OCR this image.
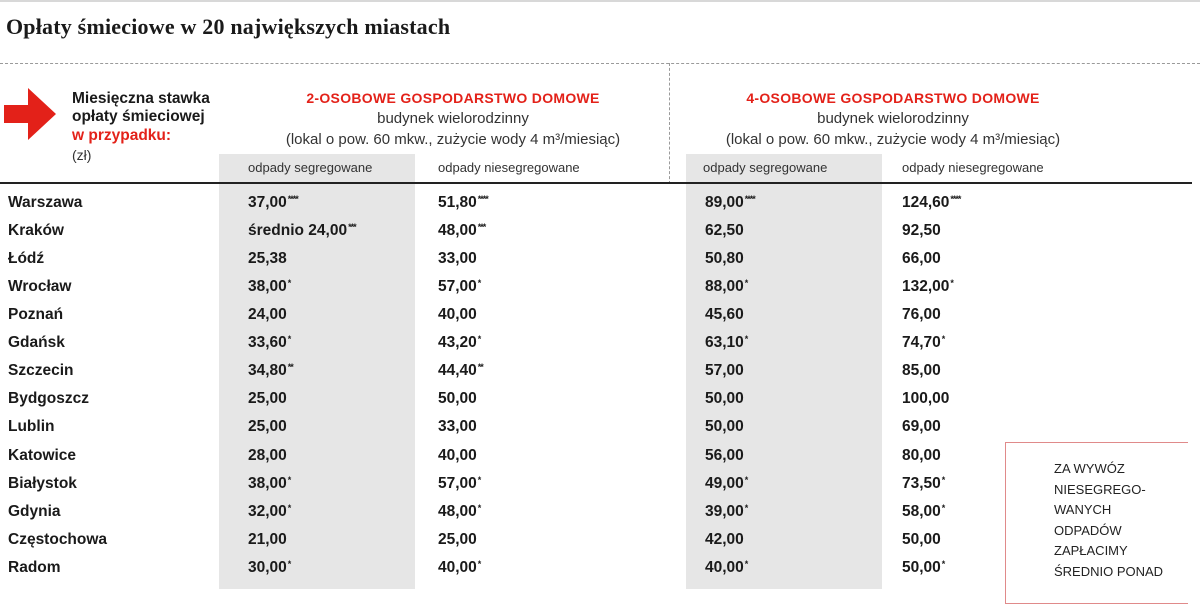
Opłaty śmieciowe w 20 największych miastach
Miesięczna stawka opłaty śmieciowej
w przypadku:
(zł)
2-OSOBOWE GOSPODARSTWO DOMOWE
budynek wielorodzinny
(lokal o pow. 60 mkw., zużycie wody 4 m³/miesiąc)
4-OSOBOWE GOSPODARSTWO DOMOWE
budynek wielorodzinny
(lokal o pow. 60 mkw., zużycie wody 4 m³/miesiąc)
odpady segregowane	odpady niesegregowane	odpady segregowane	odpady niesegregowane
Warszawa	37,00****	51,80****	89,00****	124,60****
Kraków	średnio 24,00***	48,00***	62,50	92,50
Łódź	25,38	33,00	50,80	66,00
Wrocław	38,00*	57,00*	88,00*	132,00*
Poznań	24,00	40,00	45,60	76,00
Gdańsk	33,60*	43,20*	63,10*	74,70*
Szczecin	34,80**	44,40**	57,00	85,00
Bydgoszcz	25,00	50,00	50,00	100,00
Lublin	25,00	33,00	50,00	69,00
Katowice	28,00	40,00	56,00	80,00
Białystok	38,00*	57,00*	49,00*	73,50*
Gdynia	32,00*	48,00*	39,00*	58,00*
Częstochowa	21,00	25,00	42,00	50,00
Radom	30,00*	40,00*	40,00*	50,00*
ZA WYWÓZ NIESEGREGO- WANYCH ODPADÓW ZAPŁACIMY ŚREDNIO PONAD
